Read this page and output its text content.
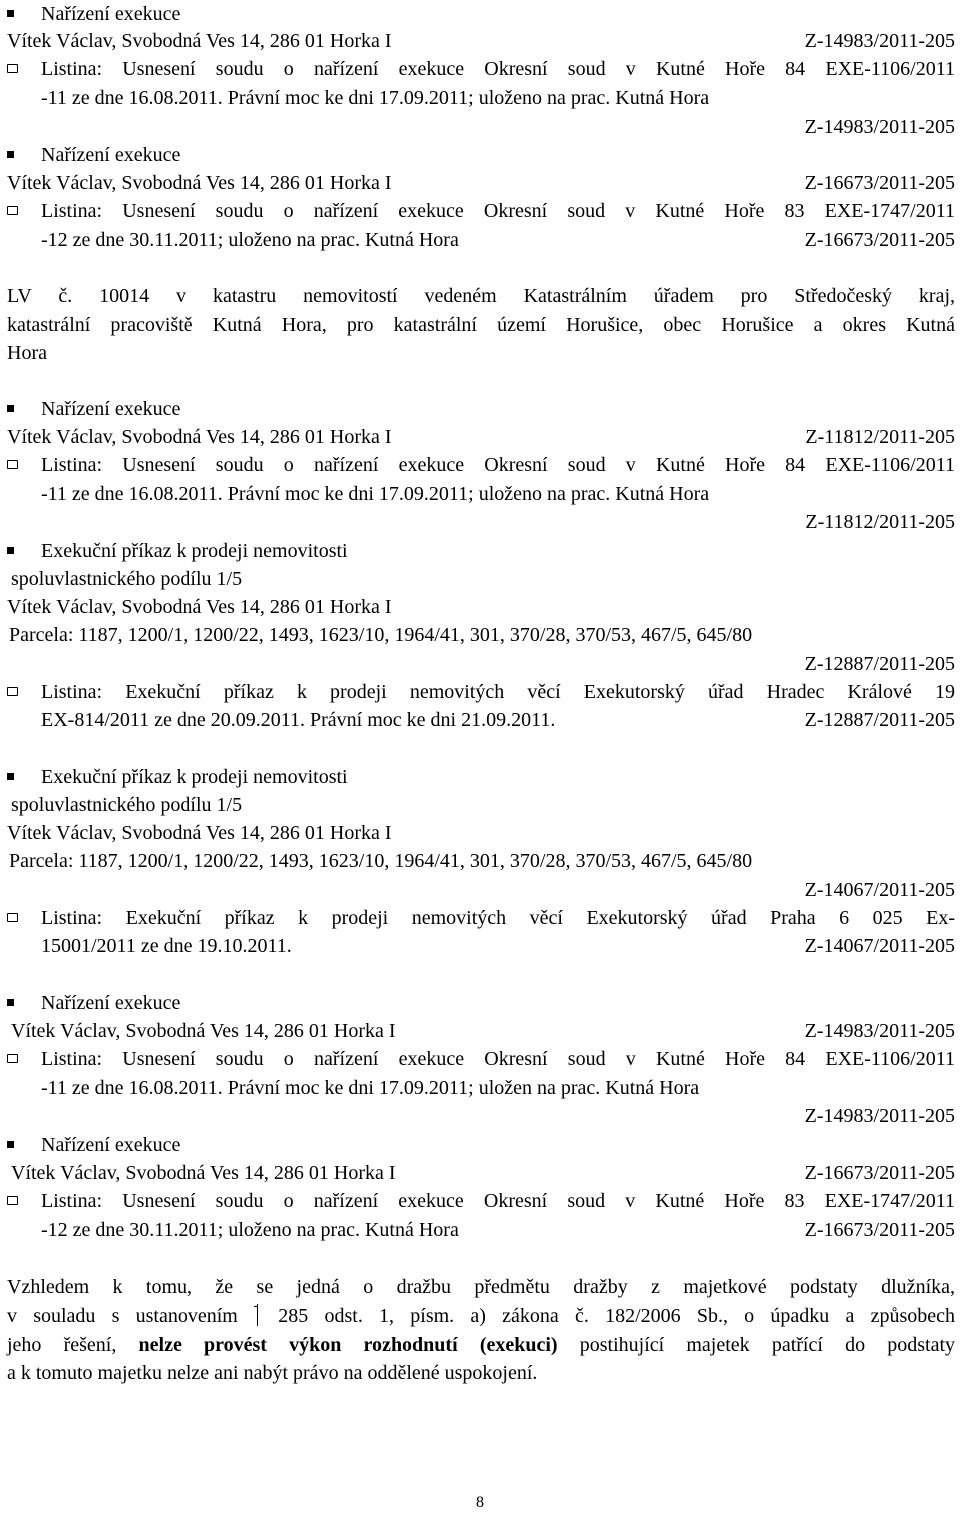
Nařízení exekuce
Vítek Václav, Svobodná Ves 14, 286 01 Horka I	Z-14983/2011-205
Listina: Usnesení soudu o nařízení exekuce Okresní soud v Kutné Hoře 84 EXE-1106/2011
-11 ze dne 16.08.2011. Právní moc ke dni 17.09.2011; uloženo na prac. Kutná Hora
Z-14983/2011-205
Nařízení exekuce
Vítek Václav, Svobodná Ves 14, 286 01 Horka I	Z-16673/2011-205
Listina: Usnesení soudu o nařízení exekuce Okresní soud v Kutné Hoře 83 EXE-1747/2011
-12 ze dne 30.11.2011; uloženo na prac. Kutná Hora	Z-16673/2011-205
LV č. 10014 v katastru nemovitostí vedeném Katastrálním úřadem pro Středočeský kraj,
katastrální pracoviště Kutná Hora, pro katastrální území Horušice, obec Horušice a okres Kutná
Hora
Nařízení exekuce
Vítek Václav, Svobodná Ves 14, 286 01 Horka I	Z-11812/2011-205
Listina: Usnesení soudu o nařízení exekuce Okresní soud v Kutné Hoře 84 EXE-1106/2011
-11 ze dne 16.08.2011. Právní moc ke dni 17.09.2011; uloženo na prac. Kutná Hora
Z-11812/2011-205
Exekuční příkaz k prodeji nemovitosti
spoluvlastnického podílu 1/5
Vítek Václav, Svobodná Ves 14, 286 01 Horka I
Parcela: 1187, 1200/1, 1200/22, 1493, 1623/10, 1964/41, 301, 370/28, 370/53, 467/5, 645/80
Z-12887/2011-205
Listina: Exekuční příkaz k prodeji nemovitých věcí Exekutorský úřad Hradec Králové 19
EX-814/2011 ze dne 20.09.2011. Právní moc ke dni 21.09.2011.	Z-12887/2011-205
Exekuční příkaz k prodeji nemovitosti
spoluvlastnického podílu 1/5
Vítek Václav, Svobodná Ves 14, 286 01 Horka I
Parcela: 1187, 1200/1, 1200/22, 1493, 1623/10, 1964/41, 301, 370/28, 370/53, 467/5, 645/80
Z-14067/2011-205
Listina: Exekuční příkaz k prodeji nemovitých věcí Exekutorský úřad Praha 6 025 Ex-
15001/2011 ze dne 19.10.2011.	Z-14067/2011-205
Nařízení exekuce
Vítek Václav, Svobodná Ves 14, 286 01 Horka I	Z-14983/2011-205
Listina: Usnesení soudu o nařízení exekuce Okresní soud v Kutné Hoře 84 EXE-1106/2011
-11 ze dne 16.08.2011. Právní moc ke dni 17.09.2011; uložen na prac. Kutná Hora
Z-14983/2011-205
Nařízení exekuce
Vítek Václav, Svobodná Ves 14, 286 01 Horka I	Z-16673/2011-205
Listina: Usnesení soudu o nařízení exekuce Okresní soud v Kutné Hoře 83 EXE-1747/2011
-12 ze dne 30.11.2011; uloženo na prac. Kutná Hora	Z-16673/2011-205
Vzhledem k tomu, že se jedná o dražbu předmětu dražby z majetkové podstaty dlužníka,
v souladu s ustanovením  285 odst. 1, písm. a) zákona č. 182/2006 Sb., o úpadku a způsobech
jeho řešení, nelze provést výkon rozhodnutí (exekuci) postihující majetek patřící do podstaty
a k tomuto majetku nelze ani nabýt právo na oddělené uspokojení.
8
